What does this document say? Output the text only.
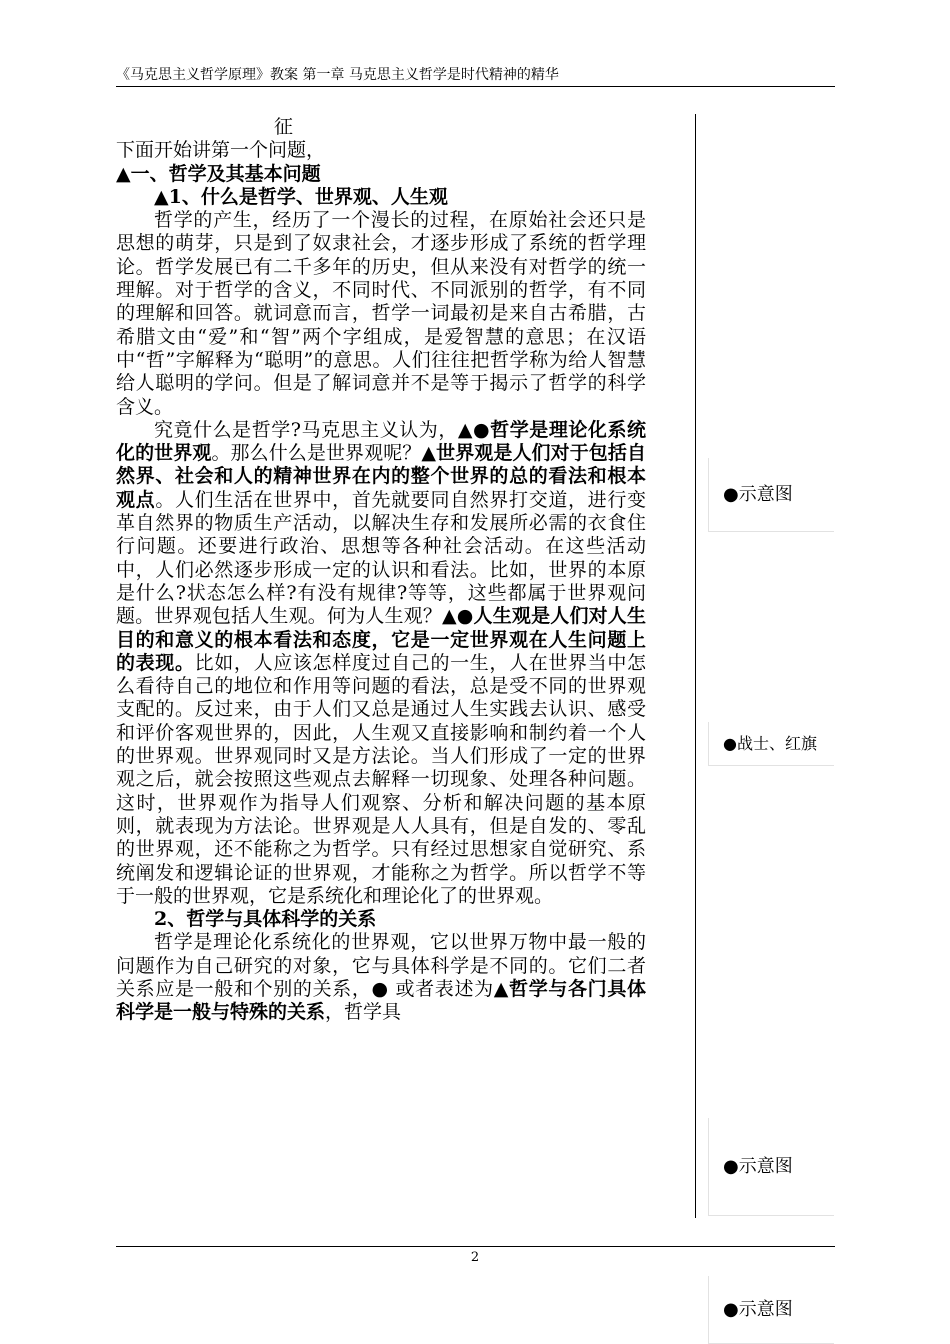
《马克思主义哲学原理》教案 第一章 马克思主义哲学是时代精神的精华

征

下面开始讲第一个问题，

▲一、哲学及其基本问题

▲1、什么是哲学、世界观、人生观

哲学的产生，经历了一个漫长的过程，在原始社会还只是思想的萌芽，只是到了奴隶社会，才逐步形成了系统的哲学理论。哲学发展已有二千多年的历史，但从来没有对哲学的统一理解。对于哲学的含义，不同时代、不同派别的哲学，有不同的理解和回答。就词意而言，哲学一词最初是来自古希腊，古希腊文由“爱”和“智”两个字组成，是爱智慧的意思；在汉语中“哲”字解释为“聪明”的意思。人们往往把哲学称为给人智慧给人聪明的学问。但是了解词意并不是等于揭示了哲学的科学含义。

究竟什么是哲学?马克思主义认为，▲●哲学是理论化系统化的世界观。那么什么是世界观呢？▲世界观是人们对于包括自然界、社会和人的精神世界在内的整个世界的总的看法和根本观点。人们生活在世界中，首先就要同自然界打交道，进行变革自然界的物质生产活动，以解决生存和发展所必需的衣食住行问题。还要进行政治、思想等各种社会活动。在这些活动中，人们必然逐步形成一定的认识和看法。比如，世界的本原是什么?状态怎么样?有没有规律?等等，这些都属于世界观问题。世界观包括人生观。何为人生观？▲●人生观是人们对人生目的和意义的根本看法和态度，它是一定世界观在人生问题上的表现。比如，人应该怎样度过自己的一生，人在世界当中怎么看待自己的地位和作用等问题的看法，总是受不同的世界观支配的。反过来，由于人们又总是通过人生实践去认识、感受和评价客观世界的，因此，人生观又直接影响和制约着一个人的世界观。世界观同时又是方法论。当人们形成了一定的世界观之后，就会按照这些观点去解释一切现象、处理各种问题。这时，世界观作为指导人们观察、分析和解决问题的基本原则，就表现为方法论。世界观是人人具有，但是自发的、零乱的世界观，还不能称之为哲学。只有经过思想家自觉研究、系统阐发和逻辑论证的世界观，才能称之为哲学。所以哲学不等于一般的世界观，它是系统化和理论化了的世界观。

2、哲学与具体科学的关系

哲学是理论化系统化的世界观，它以世界万物中最一般的问题作为自己研究的对象，它与具体科学是不同的。它们二者关系应是一般和个别的关系，● 或者表述为▲哲学与各门具体科学是一般与特殊的关系，哲学具

●示意图
●战士、红旗
●示意图
●示意图
2
